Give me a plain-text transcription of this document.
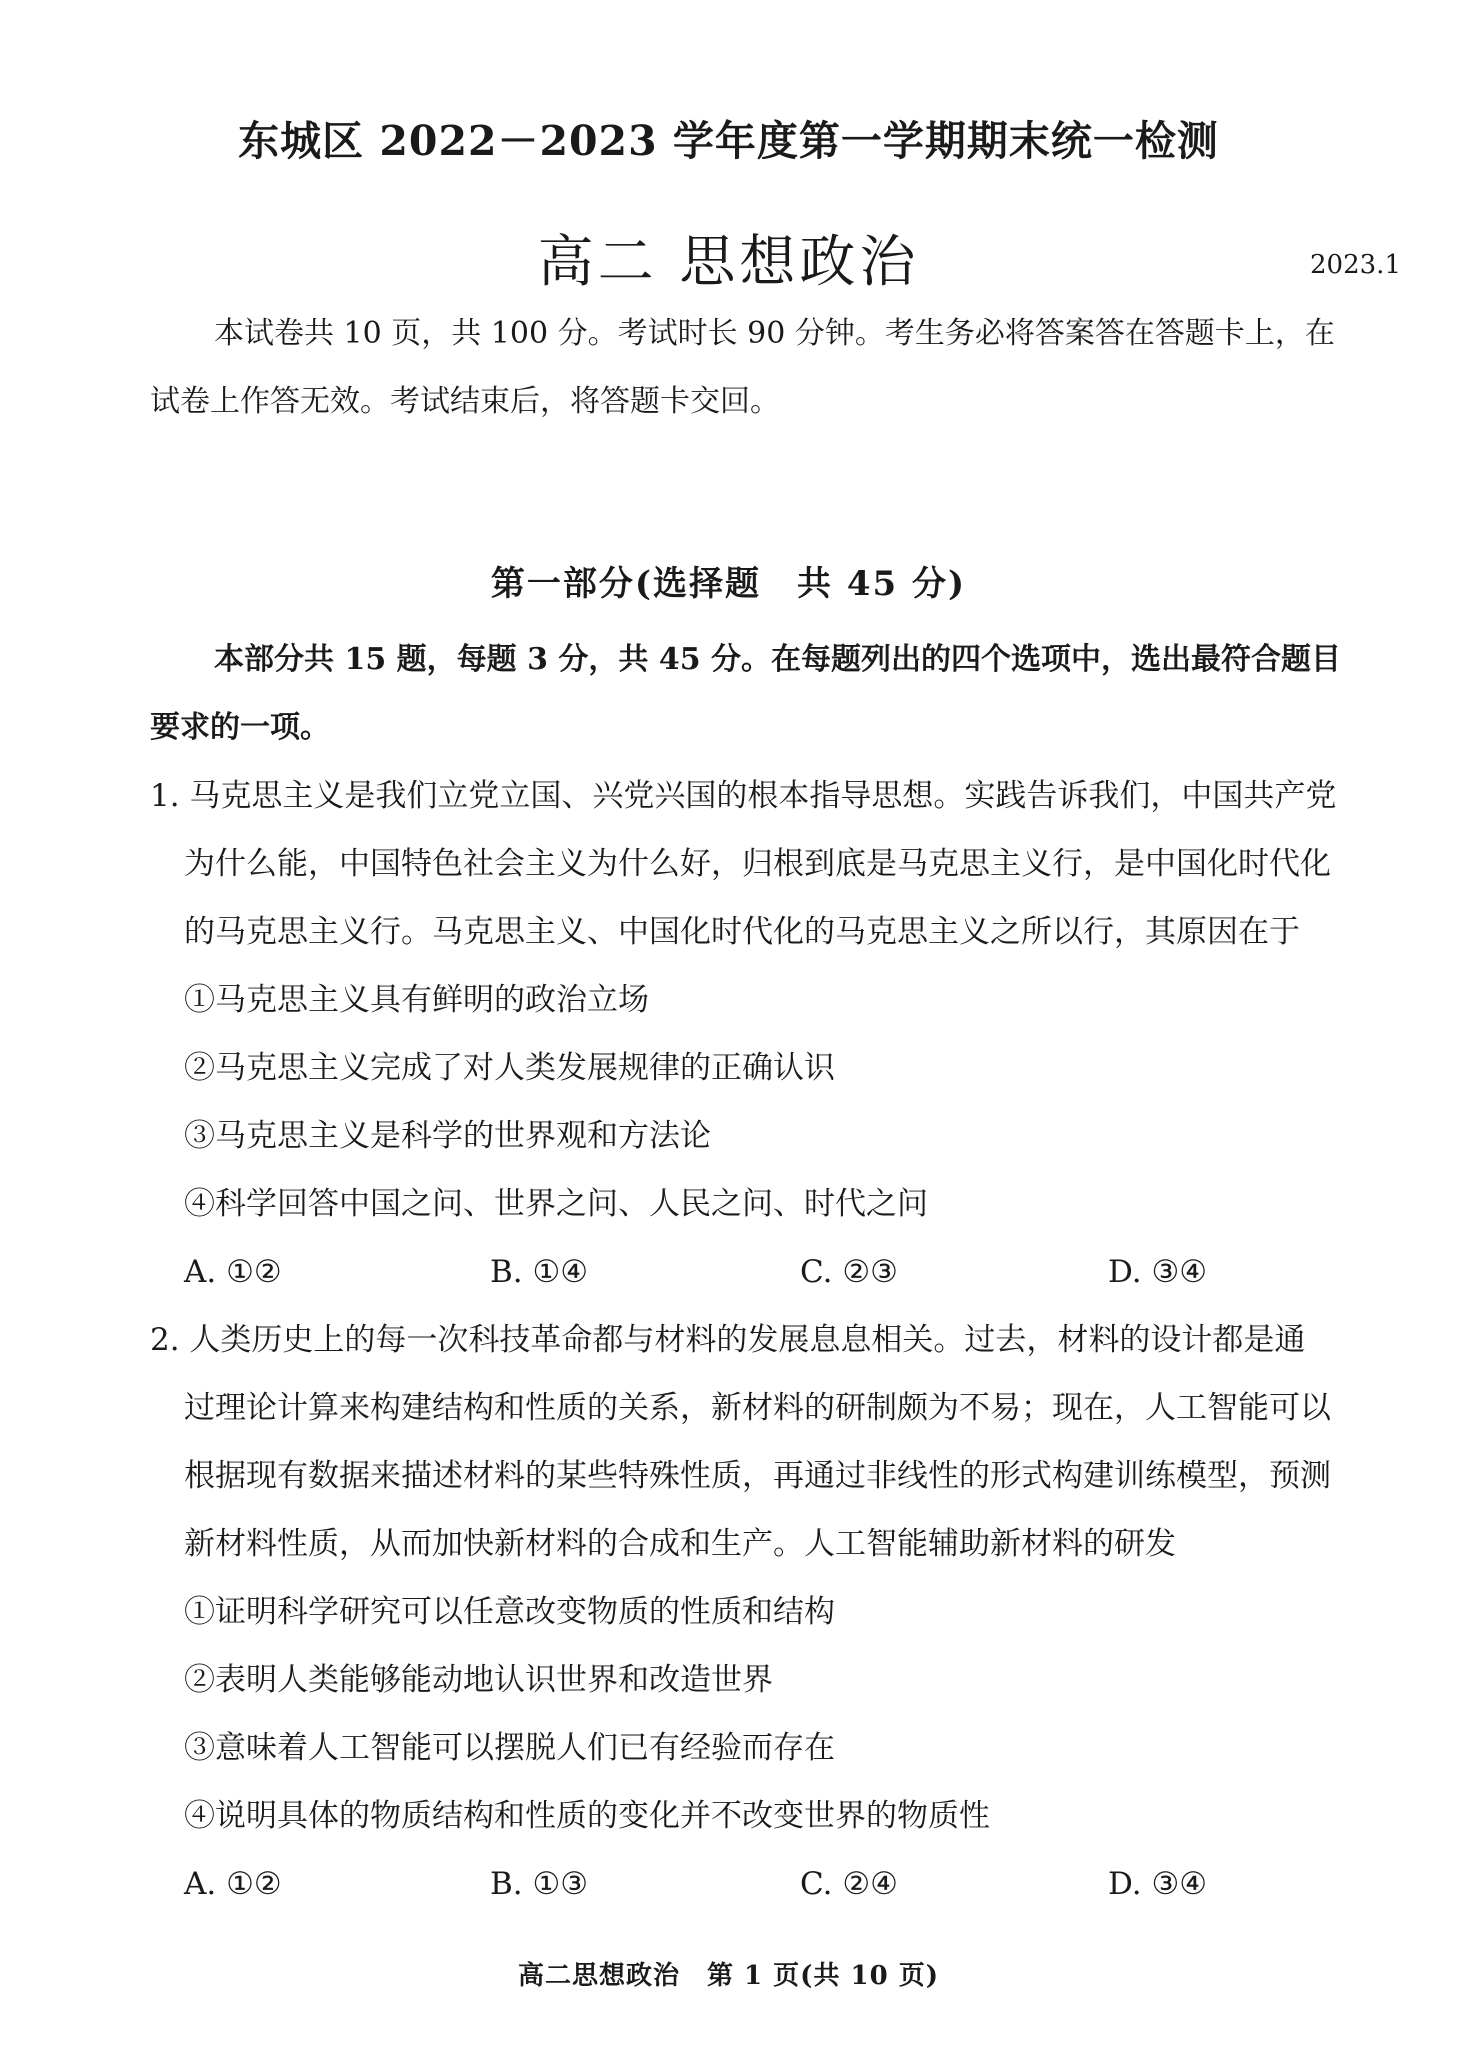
东城区 2022－2023 学年度第一学期期末统一检测
高二 思想政治	2023.1
本试卷共 10 页，共 100 分。考试时长 90 分钟。考生务必将答案答在答题卡上，在
试卷上作答无效。考试结束后，将答题卡交回。
第一部分(选择题　共 45 分)
本部分共 15 题，每题 3 分，共 45 分。在每题列出的四个选项中，选出最符合题目
要求的一项。
1. 马克思主义是我们立党立国、兴党兴国的根本指导思想。实践告诉我们，中国共产党
为什么能，中国特色社会主义为什么好，归根到底是马克思主义行，是中国化时代化
的马克思主义行。马克思主义、中国化时代化的马克思主义之所以行，其原因在于
①马克思主义具有鲜明的政治立场
②马克思主义完成了对人类发展规律的正确认识
③马克思主义是科学的世界观和方法论
④科学回答中国之问、世界之问、人民之问、时代之问
A. ①②	B. ①④	C. ②③	D. ③④
2. 人类历史上的每一次科技革命都与材料的发展息息相关。过去，材料的设计都是通
过理论计算来构建结构和性质的关系，新材料的研制颇为不易；现在，人工智能可以
根据现有数据来描述材料的某些特殊性质，再通过非线性的形式构建训练模型，预测
新材料性质，从而加快新材料的合成和生产。人工智能辅助新材料的研发
①证明科学研究可以任意改变物质的性质和结构
②表明人类能够能动地认识世界和改造世界
③意味着人工智能可以摆脱人们已有经验而存在
④说明具体的物质结构和性质的变化并不改变世界的物质性
A. ①②	B. ①③	C. ②④	D. ③④
高二思想政治　第 1 页(共 10 页)
